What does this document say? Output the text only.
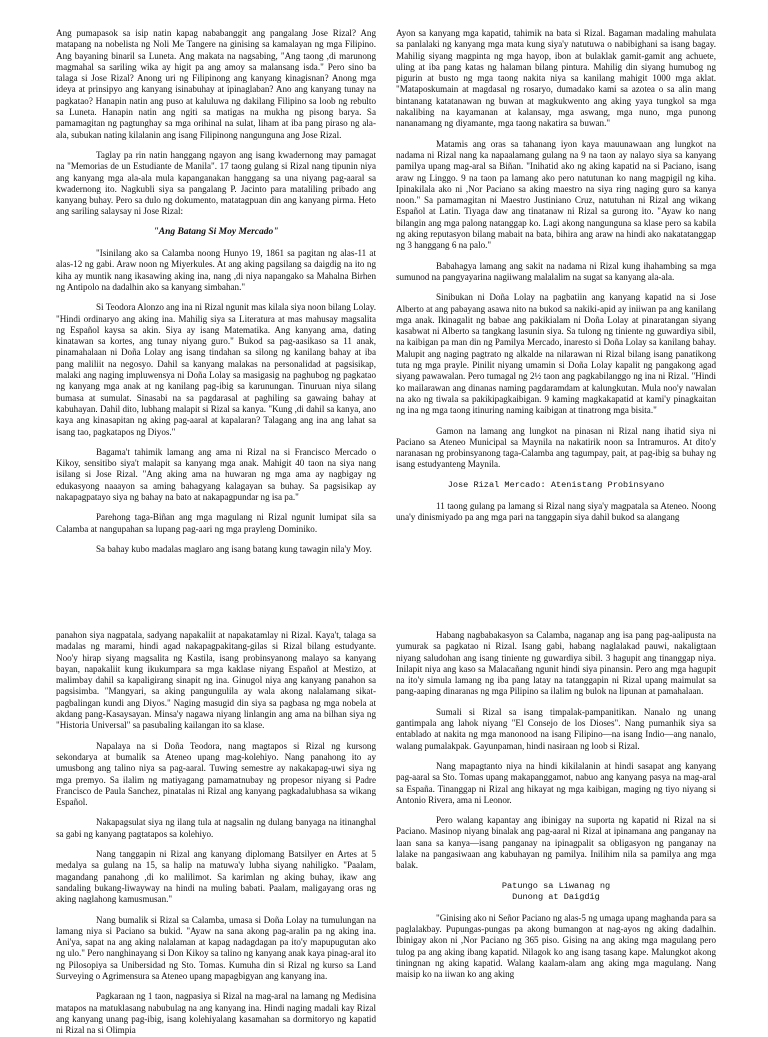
Ang pumapasok sa isip natin kapag nababanggit ang pangalang Jose Rizal? Ang matapang na nobelista ng Noli Me Tangere na ginising sa kamalayan ng mga Filipino. Ang bayaning binaril sa Luneta. Ang makata na nagsabing, "Ang taong ,di marunong magmahal sa sariling wika ay higit pa ang amoy sa malansang isda." Pero sino ba talaga si Jose Rizal? Anong uri ng Filipinong ang kanyang kinagisnan? Anong mga ideya at prinsipyo ang kanyang isinabuhay at ipinaglaban? Ano ang kanyang tunay na pagkatao? Hanapin natin ang puso at kaluluwa ng dakilang Filipino sa loob ng rebulto sa Luneta. Hanapin natin ang ngiti sa matigas na mukha ng pisong barya. Sa pamamagitan ng pagtunghay sa mga orihinal na sulat, liham at iba pang piraso ng ala-ala, subukan nating kilalanin ang isang Filipinong nangunguna ang Jose Rizal.

Taglay pa rin natin hanggang ngayon ang isang kwadernong may pamagat na "Memorias de un Estudiante de Manila". 17 taong gulang si Rizal nang tipunin niya ang kanyang mga ala-ala mula kapanganakan hanggang sa una niyang pag-aaral sa kwadernong ito. Nagkubli siya sa pangalang P. Jacinto para mataliling pribado ang kanyang buhay. Pero sa dulo ng dokumento, matatagpuan din ang kanyang pirma. Heto ang sariling salaysay ni Jose Rizal:

"Ang Batang Si Moy Mercado"

"Isinilang ako sa Calamba noong Hunyo 19, 1861 sa pagitan ng alas-11 at alas-12 ng gabi. Araw noon ng Miyerkules. At ang aking pagsilang sa daigdig na ito ng kiha ay muntik nang ikasawing aking ina, nang ,di niya napangako sa Mahalna Birhen ng Antipolo na dadalhin ako sa kanyang simbahan."

Si Teodora Alonzo ang ina ni Rizal ngunit mas kilala siya noon bilang Lolay. "Hindi ordinaryo ang aking ina. Mahilig siya sa Literatura at mas mahusay magsalita ng Español kaysa sa akin. Siya ay isang Matematika. Ang kanyang ama, dating kinatawan sa kortes, ang tunay niyang guro." Bukod sa pag-aasikaso sa 11 anak, pinamahalaan ni Doña Lolay ang isang tindahan sa silong ng kanilang bahay at iba pang maliliit na negosyo. Dahil sa kanyang malakas na personalidad at pagsisikap, malaki ang naging impluwensya ni Doña Lolay sa masigasig na paghubog ng pagkatao ng kanyang mga anak at ng kanilang pag-ibig sa karunungan. Tinuruan niya silang bumasa at sumulat. Sinasabi na sa pagdarasal at paghiling sa gawaing bahay at kabuhayan. Dahil dito, lubhang malapit si Rizal sa kanya. "Kung ,di dahil sa kanya, ano kaya ang kinasapitan ng aking pag-aaral at kapalaran? Talagang ang ina ang lahat sa isang tao, pagkatapos ng Diyos."

Bagama't tahimik lamang ang ama ni Rizal na si Francisco Mercado o Kikoy, sensitibo siya't malapit sa kanyang mga anak. Mahigit 40 taon na siya nang isilang si Jose Rizal. "Ang aking ama na huwaran ng mga ama ay nagbigay ng edukasyong naaayon sa aming bahagyang kalagayan sa buhay. Sa pagsisikap ay nakapagpatayo siya ng bahay na bato at nakapagpundar ng isa pa."

Parehong taga-Biñan ang mga magulang ni Rizal ngunit lumipat sila sa Calamba at nangupahan sa lupang pag-aari ng mga prayleng Dominiko.

Sa bahay kubo madalas maglaro ang isang batang kung tawagin nila'y Moy.

Ayon sa kanyang mga kapatid, tahimik na bata si Rizal. Bagaman madaling mahulata sa panlalaki ng kanyang mga mata kung siya'y natutuwa o nabibighani sa isang bagay. Mahilig siyang magpinta ng mga hayop, ibon at bulaklak gamit-gamit ang achuete, uling at iba pang katas ng halaman bilang pintura. Mahilig din siyang humubog ng pigurin at busto ng mga taong nakita niya sa kanilang mahigit 1000 mga aklat. "Mataposkumain at magdasal ng rosaryo, dumadako kami sa azotea o sa alin mang bintanang katatanawan ng buwan at magkukwento ang aking yaya tungkol sa mga nakalibing na kayamanan at kalansay, mga aswang, mga nuno, mga punong nananamang ng diyamante, mga taong nakatira sa buwan."

Matamis ang oras sa tahanang iyon kaya mauunawaan ang lungkot na nadama ni Rizal nang ka napaalamang gulang na 9 na taon ay nalayo siya sa kanyang pamilya upang mag-aral sa Biñan. "Inihatid ako ng aking kapatid na si Paciano, isang araw ng Linggo. 9 na taon pa lamang ako pero natutunan ko nang magpigil ng kiha. Ipinakilala ako ni ,Nor Paciano sa aking maestro na siya ring naging guro sa kanya noon." Sa pamamagitan ni Maestro Justiniano Cruz, natutuhan ni Rizal ang wikang Español at Latin. Tiyaga daw ang tinatanaw ni Rizal sa gurong ito. "Ayaw ko nang bilangin ang mga palong natanggap ko. Lagi akong nangunguna sa klase pero sa kabila ng aking reputasyon bilang mabait na bata, bihira ang araw na hindi ako nakatatanggap ng 3 hanggang 6 na palo."

Babahagya lamang ang sakit na nadama ni Rizal kung ihahambing sa mga sumunod na pangyayarina nagiiwang malalalim na sugat sa kanyang ala-ala.

Sinibukan ni Doña Lolay na pagbatiin ang kanyang kapatid na si Jose Alberto at ang pabayang asawa nito na bukod sa nakiki-apid ay iniiwan pa ang kanilang mga anak. Ikinagalit ng babae ang pakikialam ni Doña Lolay at pinaratangan siyang kasabwat ni Alberto sa tangkang lasunin siya. Sa tulong ng tiniente ng guwardiya sibil, na kaibigan pa man din ng Pamilya Mercado, inaresto si Doña Lolay sa kanilang bahay. Malupit ang naging pagtrato ng alkalde na nilarawan ni Rizal bilang isang panatikong tuta ng mga prayle. Pinilit niyang umamin si Doña Lolay kapalit ng pangakong agad siyang pawawalan. Pero tumagal ng 2½ taon ang pagkabilanggo ng ina ni Rizal. "Hindi ko mailarawan ang dinanas naming pagdaramdam at kalungkutan. Mula noo'y nawalan na ako ng tiwala sa pakikipagkaibigan. 9 kaming magkakapatid at kami'y pinagkaitan ng ina ng mga taong itinuring naming kaibigan at tinatrong mga bisita."

Gamon na lamang ang lungkot na pinasan ni Rizal nang ihatid siya ni Paciano sa Ateneo Municipal sa Maynila na nakatirik noon sa Intramuros. At dito'y naranasan ng probinsyanong taga-Calamba ang tagumpay, pait, at pag-ibig sa buhay ng isang estudyanteng Maynila.

Jose Rizal Mercado: Atenistang Probinsyano

11 taong gulang pa lamang si Rizal nang siya'y magpatala sa Ateneo. Noong una'y dinismiyado pa ang mga pari na tanggapin siya dahil bukod sa alangang

panahon siya nagpatala, sadyang napakaliit at napakatamlay ni Rizal. Kaya't, talaga sa madalas ng marami, hindi agad nakapagpakitang-gilas si Rizal bilang estudyante. Noo'y hirap siyang magsalita ng Kastila, isang probinsyanong malayo sa kanyang bayan, napakaliit kung ikukumpara sa mga kaklase niyang Español at Mestizo, at malimbay dahil sa kapaligirang sinapit ng ina. Ginugol niya ang kanyang panahon sa pagsisimba. "Mangyari, sa aking pangungulila ay wala akong nalalamang sikat-pagbalingan kundi ang Diyos." Naging masugid din siya sa pagbasa ng mga nobela at akdang pang-Kasaysayan. Minsa'y nagawa niyang linlangin ang ama na bilhan siya ng "Historia Universal" sa pasubaling kailangan ito sa klase.

Napalaya na si Doña Teodora, nang magtapos si Rizal ng kursong sekondarya at bumalik sa Ateneo upang mag-kolehiyo. Nang panahong ito ay umusbong ang talino niya sa pag-aaral. Tuwing semestre ay nakakapag-uwi siya ng mga premyo. Sa ilalim ng matiyagang pamamatnubay ng propesor niyang si Padre Francisco de Paula Sanchez, pinatalas ni Rizal ang kanyang pagkadalubhasa sa wikang Español.

Nakapagsulat siya ng ilang tula at nagsalin ng dulang banyaga na itinanghal sa gabi ng kanyang pagtatapos sa kolehiyo.

Nang tanggapin ni Rizal ang kanyang diplomang Batsilyer en Artes at 5 medalya sa gulang na 15, sa halip na matuwa'y lubha siyang nahiligko. "Paalam, magandang panahong ,di ko malilimot. Sa karimlan ng aking buhay, ikaw ang sandaling bukang-liwayway na hindi na muling babati. Paalam, maligayang oras ng aking naglahong kamusmusan."

Nang bumalik si Rizal sa Calamba, umasa si Doña Lolay na tumulungan na lamang niya si Paciano sa bukid. "Ayaw na sana akong pag-aralin pa ng aking ina. Ani'ya, sapat na ang aking nalalaman at kapag nadagdagan pa ito'y mapupugutan ako ng ulo." Pero nanghinayang si Don Kikoy sa talino ng kanyang anak kaya pinag-aral ito ng Pilosopiya sa Unibersidad ng Sto. Tomas. Kumuha din si Rizal ng kurso sa Land Surveying o Agrimensura sa Ateneo upang mapagbigyan ang kanyang ina.

Pagkaraan ng 1 taon, nagpasiya si Rizal na mag-aral na lamang ng Medisina matapos na matuklasang nabubulag na ang kanyang ina. Hindi naging madali kay Rizal ang kanyang unang pag-ibig, isang kolehiyalang kasamahan sa dormitoryo ng kapatid ni Rizal na si Olimpia

Habang nagbabakasyon sa Calamba, naganap ang isa pang pag-aalipusta na yumurak sa pagkatao ni Rizal. Isang gabi, habang naglalakad pauwi, nakaligtaan niyang saludohan ang isang tiniente ng guwardiya sibil. 3 hagupit ang tinanggap niya. Inilapit niya ang kaso sa Malacañang ngunit hindi siya pinansin. Pero ang mga hagupit na ito'y simula lamang ng iba pang latay na tatanggapin ni Rizal upang maimulat sa pang-aaping dinaranas ng mga Pilipino sa ilalim ng bulok na lipunan at pamahalaan.

Sumali si Rizal sa isang timpalak-pampanitikan. Nanalo ng unang gantimpala ang lahok niyang "El Consejo de los Dioses". Nang pumanhik siya sa entablado at nakita ng mga manonood na isang Filipino—na isang Indio—ang nanalo, walang pumalakpak. Gayunpaman, hindi nasiraan ng loob si Rizal.

Nang mapagtanto niya na hindi kikilalanin at hindi sasapat ang kanyang pag-aaral sa Sto. Tomas upang makapanggamot, nabuo ang kanyang pasya na mag-aral sa España. Tinanggap ni Rizal ang hikayat ng mga kaibigan, maging ng tiyo niyang si Antonio Rivera, ama ni Leonor.

Pero walang kapantay ang ibinigay na suporta ng kapatid ni Rizal na si Paciano. Masinop niyang binalak ang pag-aaral ni Rizal at ipinamana ang panganay na laan sana sa kanya—isang panganay na ipinagpalit sa obligasyon ng panganay na lalake na pangasiwaan ang kabuhayan ng pamilya. Inilihim nila sa pamilya ang mga balak.

Patungo sa Liwanag ng
Dunong at Daigdig

"Ginising ako ni Señor Paciano ng alas-5 ng umaga upang maghanda para sa paglalakbay. Pupungas-pungas pa akong bumangon at nag-ayos ng aking dadalhin. Ibinigay akon ni ,Nor Paciano ng 365 piso. Gising na ang aking mga magulang pero tulog pa ang aking ibang kapatid. Nilagok ko ang isang tasang kape. Malungkot akong tiningnan ng aking kapatid. Walang kaalam-alam ang aking mga magulang. Nang maisip ko na iiwan ko ang aking
